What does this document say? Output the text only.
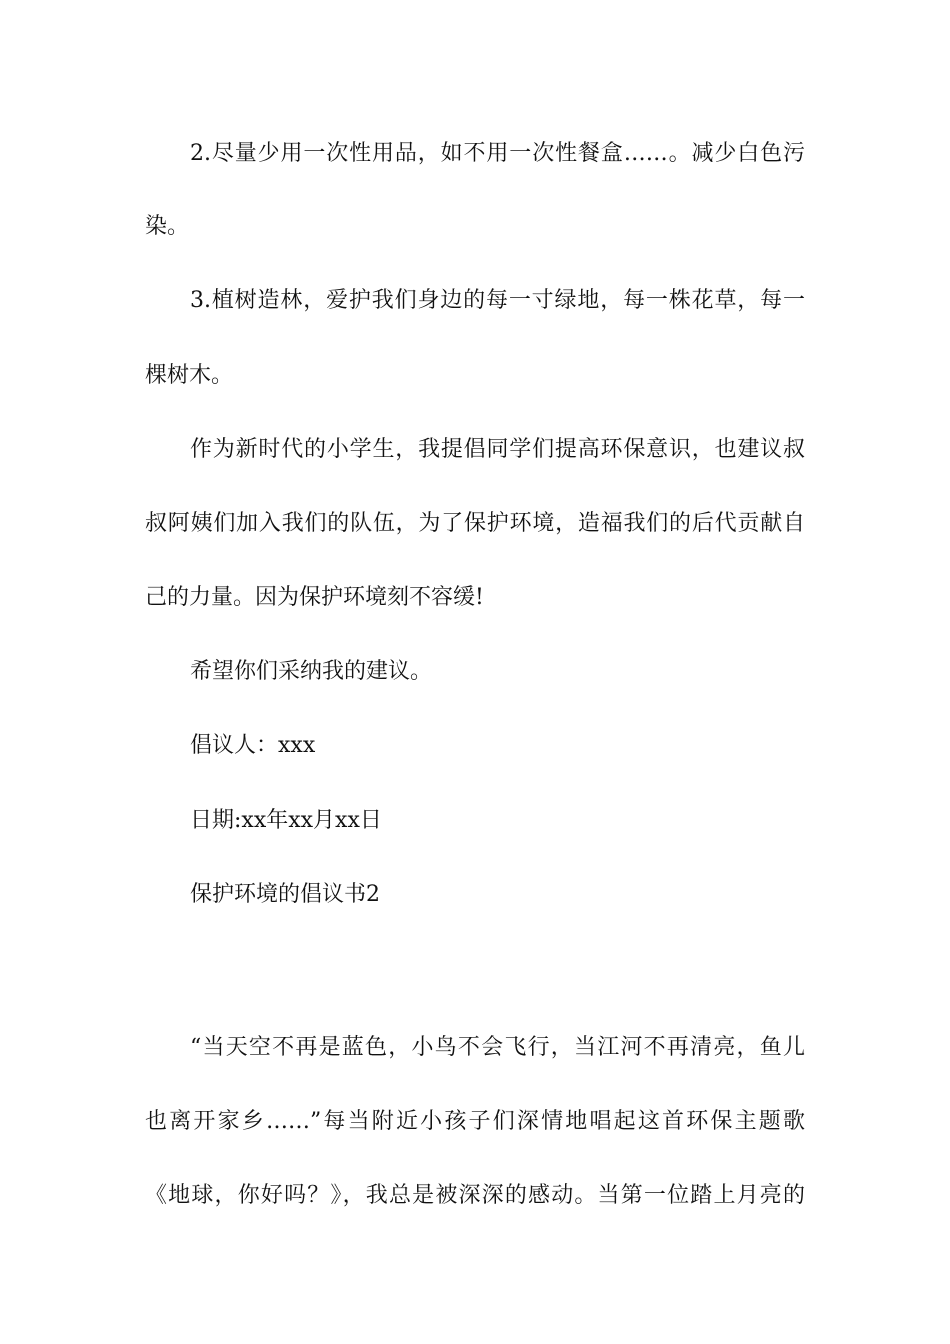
2.尽量少用一次性用品，如不用一次性餐盒……。减少白色污
染。
3.植树造林，爱护我们身边的每一寸绿地，每一株花草，每一
棵树木。
作为新时代的小学生，我提倡同学们提高环保意识，也建议叔
叔阿姨们加入我们的队伍，为了保护环境，造福我们的后代贡献自
己的力量。因为保护环境刻不容缓!
希望你们采纳我的建议。
倡议人：xxx
日期:xx年xx月xx日
保护环境的倡议书2
“当天空不再是蓝色，小鸟不会飞行，当江河不再清亮，鱼儿
也离开家乡……”每当附近小孩子们深情地唱起这首环保主题歌
《地球，你好吗？》，我总是被深深的感动。当第一位踏上月亮的
